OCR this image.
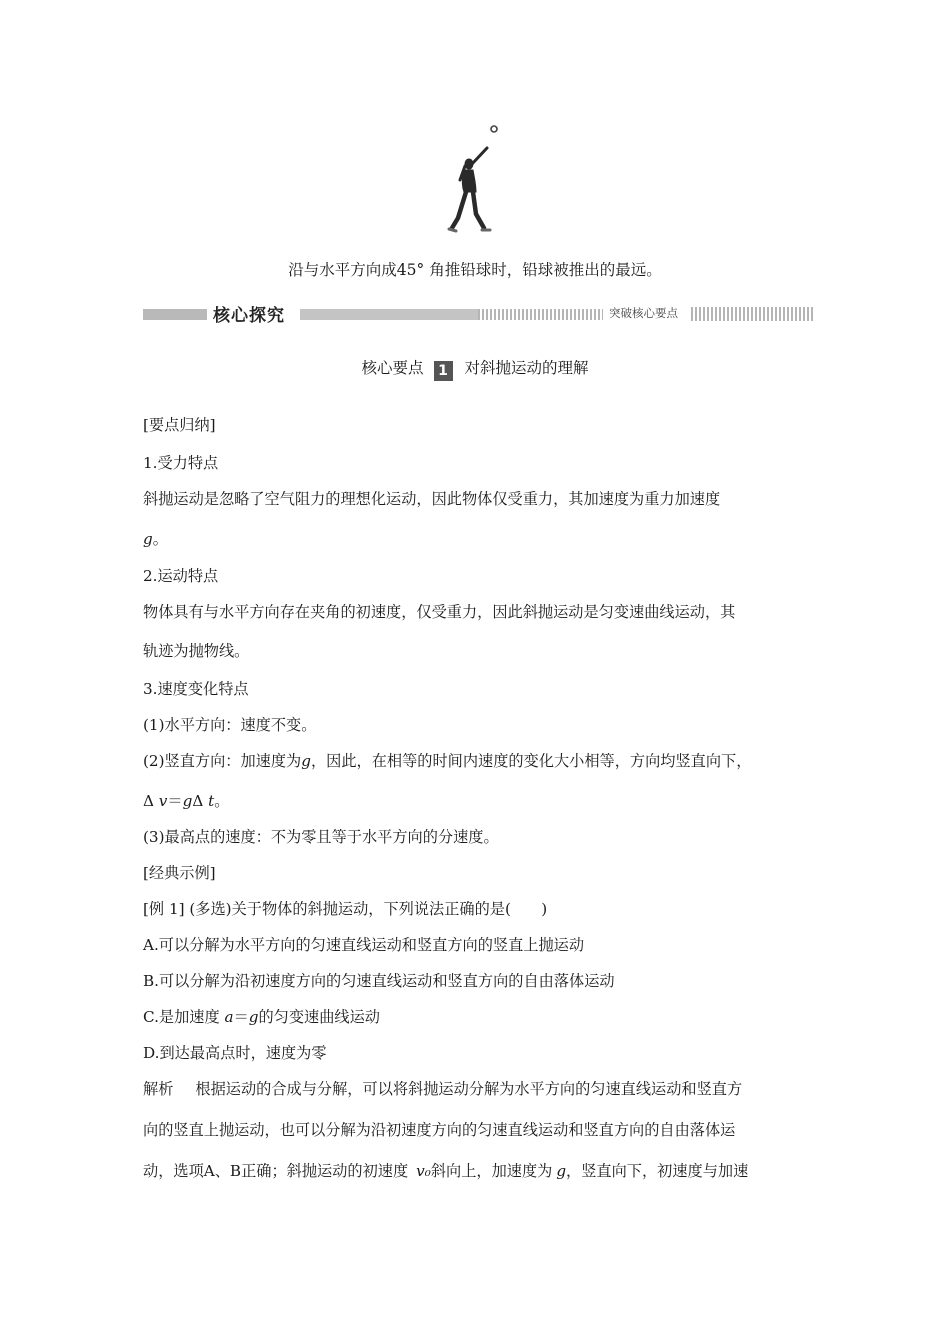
沿与水平方向成45° 角推铅球时，铅球被推出的最远。
核心探究	突破核心要点
核心要点 1 对斜抛运动的理解
[要点归纳]
1.受力特点
斜抛运动是忽略了空气阻力的理想化运动，因此物体仅受重力，其加速度为重力加速度
g。
2.运动特点
物体具有与水平方向存在夹角的初速度，仅受重力，因此斜抛运动是匀变速曲线运动，其
轨迹为抛物线。
3.速度变化特点
(1)水平方向：速度不变。
(2)竖直方向：加速度为g，因此，在相等的时间内速度的变化大小相等，方向均竖直向下，
Δ v＝gΔ t。
(3)最高点的速度：不为零且等于水平方向的分速度。
[经典示例]
[例 1] (多选)关于物体的斜抛运动，下列说法正确的是(　　)
A.可以分解为水平方向的匀速直线运动和竖直方向的竖直上抛运动
B.可以分解为沿初速度方向的匀速直线运动和竖直方向的自由落体运动
C.是加速度 a＝g的匀变速曲线运动
D.到达最高点时，速度为零
解析 根据运动的合成与分解，可以将斜抛运动分解为水平方向的匀速直线运动和竖直方
向的竖直上抛运动，也可以分解为沿初速度方向的匀速直线运动和竖直方向的自由落体运
动，选项A、B正确；斜抛运动的初速度 v₀斜向上，加速度为 g，竖直向下，初速度与加速
